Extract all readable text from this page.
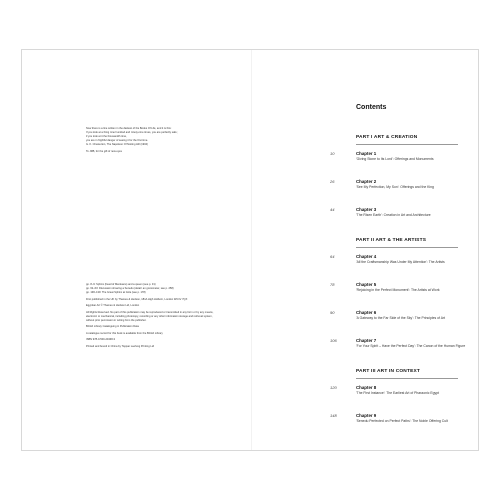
Now there is a line written in the darkest of the Books Of Life, and it is this:

If you look at a thing nine hundred and ninety-nine times, you are perfectly safe;

if you look at it the thousandth time,

you are in frightful danger of seeing it for the first time.

G. K. Chesterton, The Napoleon Of Notting Hill (1904)

To JRB, for the gift of new eyes

pp. 8–9: Sphinx (head of Menkaure) and a queen (see p. 31)

pp. 62–63: Discussion showing a Senedu (detail: an goniometer, see p. 258)

pp. 138–139: The Great Sphinx at Giza (see p. 178)

First published in the UK by Thames & Hudson, 181A High Holborn, London WC1V 7QX

Egyptian Art © Thames & Hudson Ltd, London

All Rights Reserved. No part of this publication may be reproduced or transmitted in any form or by any means, electronic or mechanical, including photocopy, recording or any other information storage and retrieval system, without prior permission in writing from the publisher.

British Library Cataloguing in Publication Data

A catalogue record for this book is available from the British Library

ISBN 978-0-500-20438-3

Printed and bound in China by Toppan Leefung Printing Ltd

Contents
PART I ART & CREATION
10	Chapter 1
'Giving Stone to Its Lord': Offerings and Monuments
26	Chapter 2
'See My Perfection, My Son': Offerings and the King
44	Chapter 3
'The Risen Earth': Creation in Art and Architecture
PART II ART & THE ARTISTS
64	Chapter 4
'All the Craftsmanship Was Under My Attention': The Artists
78	Chapter 5
'Rejoicing in the Perfect Monument': The Artists at Work
90	Chapter 6
'A Gateway to the Far Side of the Sky': The Principles of Art
106	Chapter 7
'For Your Spirit – Have the Perfect Day': The Canon of the Human Figure
PART III ART IN CONTEXT
120	Chapter 8
'The First Instance': The Earliest Art of Pharaonic Egypt
148	Chapter 9
'Senedu Perfected on Perfect Paths': The Noble Offering Cult
